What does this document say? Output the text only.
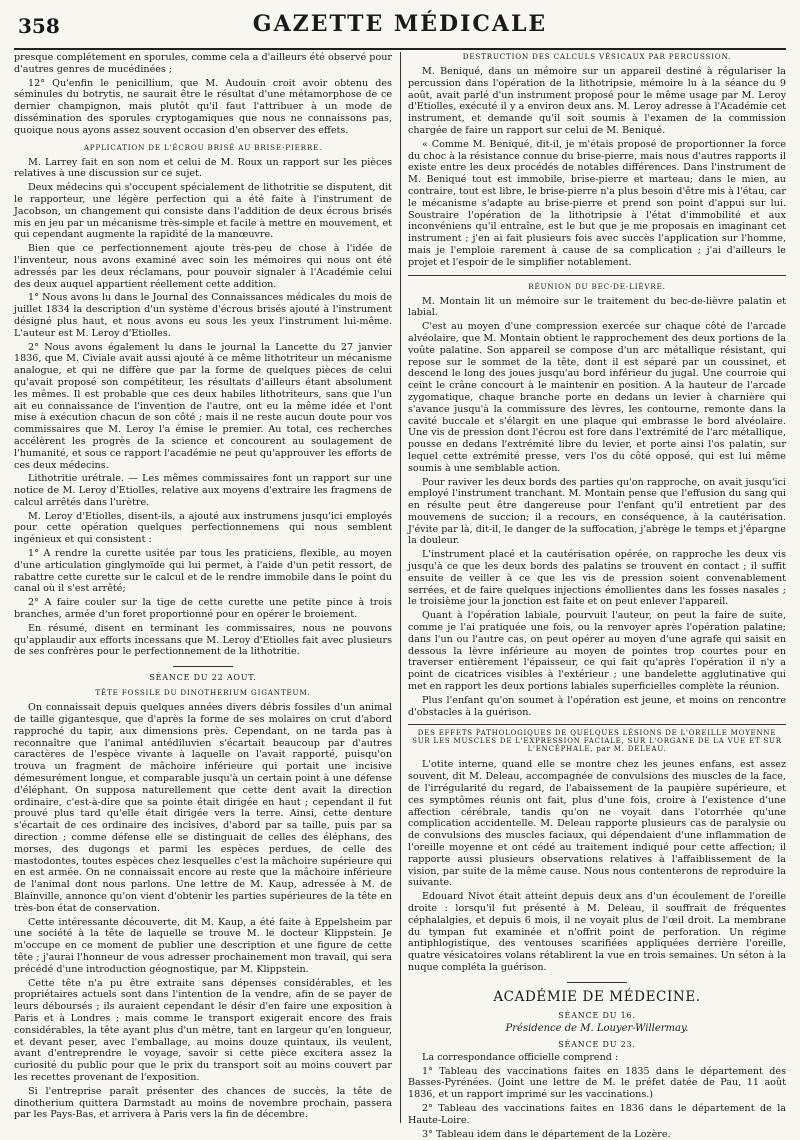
358	GAZETTE MÉDICALE

presque complétement en sporules, comme cela a d'ailleurs été observé pour d'autres genres de mucédinées ;

12° Qu'enfin le penicillium, que M. Audouin croit avoir obtenu des séminules du botrytis, ne saurait être le résultat d'une métamorphose de ce dernier champignon, mais plutôt qu'il faut l'attribuer à un mode de dissémination des sporules cryptogamiques que nous ne connaissons pas, quoique nous ayons assez souvent occasion d'en observer des effets.

APPLICATION DE L'ÉCROU BRISÉ AU BRISE-PIERRE.

M. Larrey fait en son nom et celui de M. Roux un rapport sur les pièces relatives à une discussion sur ce sujet.

Deux médecins qui s'occupent spécialement de lithotritie se disputent, dit le rapporteur, une légère perfection qui a été faite à l'instrument de Jacobson, un changement qui consiste dans l'addition de deux écrous brisés mis en jeu par un mécanisme très-simple et facile à mettre en mouvement, et qui cependant augmente la rapidité de la manœuvre.

Bien que ce perfectionnement ajoute très-peu de chose à l'idée de l'inventeur, nous avons examiné avec soin les mémoires qui nous ont été adressés par les deux réclamans, pour pouvoir signaler à l'Académie celui des deux auquel appartient réellement cette addition.

1° Nous avons lu dans le Journal des Connaissances médicales du mois de juillet 1834 la description d'un système d'écrous brisés ajouté à l'instrument désigné plus haut, et nous avons eu sous les yeux l'instrument lui-même. L'auteur est M. Leroy d'Etiolles.

2° Nous avons également lu dans le journal la Lancette du 27 janvier 1836, que M. Civiale avait aussi ajouté à ce même lithotriteur un mécanisme analogue, et qui ne diffère que par la forme de quelques pièces de celui qu'avait proposé son compétiteur, les résultats d'ailleurs étant absolument les mêmes. Il est probable que ces deux habiles lithotriteurs, sans que l'un ait eu connaissance de l'invention de l'autre, ont eu la même idée et l'ont mise à exécution chacun de son côté ; mais il ne reste aucun doute pour vos commissaires que M. Leroy l'a émise le premier. Au total, ces recherches accélèrent les progrès de la science et concourent au soulagement de l'humanité, et sous ce rapport l'académie ne peut qu'approuver les efforts de ces deux médecins.

Lithotritie urétrale. — Les mêmes commissaires font un rapport sur une notice de M. Leroy d'Etiolles, relative aux moyens d'extraire les fragmens de calcul arrêtés dans l'urètre.

M. Leroy d'Etiolles, disent-ils, a ajouté aux instrumens jusqu'ici employés pour cette opération quelques perfectionnemens qui nous semblent ingénieux et qui consistent :

1° A rendre la curette usitée par tous les praticiens, flexible, au moyen d'une articulation ginglymoïde qui lui permet, à l'aide d'un petit ressort, de rabattre cette curette sur le calcul et de le rendre immobile dans le point du canal où il s'est arrêté;

2° A faire couler sur la tige de cette curette une petite pince à trois branches, armée d'un foret proportionné pour en opérer le broiement.

En résumé, disent en terminant les commissaires, nous ne pouvons qu'applaudir aux efforts incessans que M. Leroy d'Etiolles fait avec plusieurs de ses confrères pour le perfectionnement de la lithotritie.

SÉANCE DU 22 AOUT.
TÊTE FOSSILE DU DINOTHERIUM GIGANTEUM.

On connaissait depuis quelques années divers débris fossiles d'un animal de taille gigantesque, que d'après la forme de ses molaires on crut d'abord rapproché du tapir, aux dimensions près. Cependant, on ne tarda pas à reconnaître que l'animal antédiluvien s'écartait beaucoup par d'autres caractères de l'espèce vivante à laquelle on l'avait rapporté, puisqu'on trouva un fragment de mâchoire inférieure qui portait une incisive démesurément longue, et comparable jusqu'à un certain point à une défense d'éléphant. On supposa naturellement que cette dent avait la direction ordinaire, c'est-à-dire que sa pointe était dirigée en haut ; cependant il fut prouvé plus tard qu'elle était dirigée vers la terre. Ainsi, cette denture s'écartait de ces ordinaire des incisives, d'abord par sa taille, puis par sa direction ; comme défense elle se distinguait de celles des éléphans, des morses, des dugongs et parmi les espèces perdues, de celle des mastodontes, toutes espèces chez lesquelles c'est la mâchoire supérieure qui en est armée. On ne connaissait encore au reste que la mâchoire inférieure de l'animal dont nous parlons. Une lettre de M. Kaup, adressée à M. de Blainville, annonce qu'on vient d'obtenir les parties supérieures de la tête en très-bon état de conservation.

Cette intéressante découverte, dit M. Kaup, a été faite à Eppelsheim par une société à la tête de laquelle se trouve M. le docteur Klippstein. Je m'occupe en ce moment de publier une description et une figure de cette tête ; j'aurai l'honneur de vous adresser prochainement mon travail, qui sera précédé d'une introduction géognostique, par M. Klippstein.

Cette tête n'a pu être extraite sans dépenses considérables, et les propriétaires actuels sont dans l'intention de la vendre, afin de se payer de leurs déboursés ; ils auraient cependant le désir d'en faire une exposition à Paris et à Londres ; mais comme le transport exigerait encore des frais considérables, la tête ayant plus d'un mètre, tant en largeur qu'en longueur, et devant peser, avec l'emballage, au moins douze quintaux, ils veulent, avant d'entreprendre le voyage, savoir si cette pièce excitera assez la curiosité du public pour que le prix du transport soit au moins couvert par les recettes provenant de l'exposition.

Si l'entreprise paraît présenter des chances de succès, la tête de dinotherium quittera Darmstadt au moins de novembre prochain, passera par les Pays-Bas, et arrivera à Paris vers la fin de décembre.

DESTRUCTION DES CALCULS VÉSICAUX PAR PERCUSSION.

M. Beniqué, dans un mémoire sur un appareil destiné à régulariser la percussion dans l'opération de la lithotripsie, mémoire lu à la séance du 9 août, avait parlé d'un instrument proposé pour le même usage par M. Leroy d'Etiolles, exécuté il y a environ deux ans. M. Leroy adresse à l'Académie cet instrument, et demande qu'il soit soumis à l'examen de la commission chargée de faire un rapport sur celui de M. Beniqué.

« Comme M. Beniqué, dit-il, je m'étais proposé de proportionner la force du choc à la résistance connue du brise-pierre, mais nous d'autres rapports il existe entre les deux procédés de notables différences. Dans l'instrument de M. Beniqué tout est immobile, brise-pierre et marteau; dans le mien, au contraire, tout est libre, le brise-pierre n'a plus besoin d'être mis à l'étau, car le mécanisme s'adapte au brise-pierre et prend son point d'appui sur lui. Soustraire l'opération de la lithotripsie à l'état d'immobilité et aux inconvéniens qu'il entraîne, est le but que je me proposais en imaginant cet instrument ; j'en ai fait plusieurs fois avec succès l'application sur l'homme, mais je l'emploie rarement à cause de sa complication ; j'ai d'ailleurs le projet et l'espoir de le simplifier notablement.

RÉUNION DU BEC-DE-LIÈVRE.

M. Montain lit un mémoire sur le traitement du bec-de-lièvre palatin et labial.

C'est au moyen d'une compression exercée sur chaque côté de l'arcade alvéolaire, que M. Montain obtient le rapprochement des deux portions de la voûte palatine. Son appareil se compose d'un arc métallique résistant, qui repose sur le sommet de la tête, dont il est séparé par un coussinet, et descend le long des joues jusqu'au bord inférieur du jugal. Une courroie qui ceint le crâne concourt à le maintenir en position. A la hauteur de l'arcade zygomatique, chaque branche porte en dedans un levier à charnière qui s'avance jusqu'à la commissure des lèvres, les contourne, remonte dans la cavité buccale et s'élargit en une plaque qui embrasse le bord alvéolaire. Une vis de pression dont l'écrou est fore dans l'extrémité de l'arc métallique, pousse en dedans l'extrémité libre du levier, et porte ainsi l'os palatin, sur lequel cette extrémité presse, vers l'os du côté opposé, qui est lui même soumis à une semblable action.

Pour raviver les deux bords des parties qu'on rapproche, on avait jusqu'ici employé l'instrument tranchant. M. Montain pense que l'effusion du sang qui en résulte peut être dangereuse pour l'enfant qu'il entretient par des mouvemens de succion; il a recours, en conséquence, à la cautérisation. J'évite par là, dit-il, le danger de la suffocation, j'abrège le temps et j'épargne la douleur.

L'instrument placé et la cautérisation opérée, on rapproche les deux vis jusqu'à ce que les deux bords des palatins se trouvent en contact ; il suffit ensuite de veiller à ce que les vis de pression soient convenablement serrées, et de faire quelques injections émollientes dans les fosses nasales ; le troisième jour la jonction est faite et on peut enlever l'appareil.

Quant à l'opération labiale, pourvuit l'auteur, on peut la faire de suite, comme je l'ai pratiquée une fois, ou la renvoyer après l'opération palatine; dans l'un ou l'autre cas, on peut opérer au moyen d'une agrafe qui saisit en dessous la lèvre inférieure au moyen de pointes trop courtes pour en traverser entièrement l'épaisseur, ce qui fait qu'après l'opération il n'y a point de cicatrices visibles à l'extérieur ; une bandelette agglutinative qui met en rapport les deux portions labiales superficielles complète la réunion.

Plus l'enfant qu'on soumet à l'opération est jeune, et moins on rencontre d'obstacles à la guérison.

DES EFFETS PATHOLOGIQUES DE QUELQUES LÉSIONS DE L'OREILLE MOYENNE SUR LES MUSCLES DE L'EXPRESSION FACIALE, SUR L'ORGANE DE LA VUE ET SUR L'ENCÉPHALE, par M. DELEAU.

L'otite interne, quand elle se montre chez les jeunes enfans, est assez souvent, dit M. Deleau, accompagnée de convulsions des muscles de la face, de l'irrégularité du regard, de l'abaissement de la paupière supérieure, et ces symptômes réunis ont fait, plus d'une fois, croire à l'existence d'une affection cérébrale, tandis qu'on ne voyait dans l'otorrhée qu'une complication accidentelle. M. Deleau rapporte plusieurs cas de paralysie ou de convulsions des muscles faciaux, qui dépendaient d'une inflammation de l'oreille moyenne et ont cédé au traitement indiqué pour cette affection; il rapporte aussi plusieurs observations relatives à l'affaiblissement de la vision, par suite de la même cause. Nous nous contenterons de reproduire la suivante.

Edouard Nivot était atteint depuis deux ans d'un écoulement de l'oreille droite : lorsqu'il fut présenté à M. Deleau, il souffrait de fréquentes céphalalgies, et depuis 6 mois, il ne voyait plus de l'œil droit. La membrane du tympan fut examinée et n'offrit point de perforation. Un régime antiphlogistique, des ventouses scarifiées appliquées derrière l'oreille, quatre vésicatoires volans rétablirent la vue en trois semaines. Un séton à la nuque compléta la guérison.

ACADÉMIE DE MÉDECINE.
SÉANCE DU 16.
Présidence de M. Louyer-Willermay.
SÉANCE DU 23.

La correspondance officielle comprend :

1° Tableau des vaccinations faites en 1835 dans le département des Basses-Pyrénées. (Joint une lettre de M. le préfet datée de Pau, 11 août 1836, et un rapport imprimé sur les vaccinations.)

2° Tableau des vaccinations faites en 1836 dans le département de la Haute-Loire.

3° Tableau idem dans le département de la Lozère.
